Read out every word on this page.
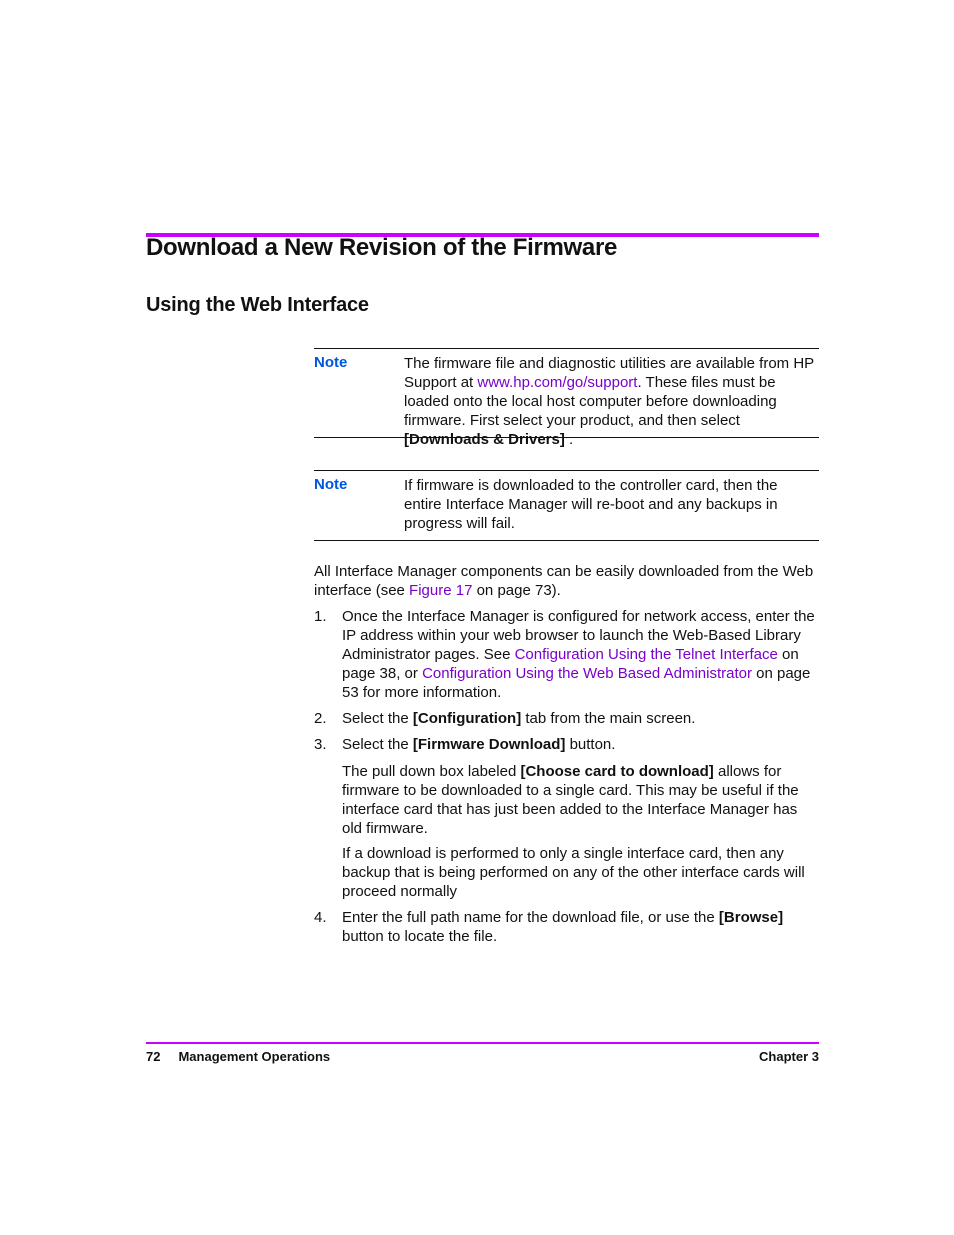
Download a New Revision of the Firmware
Using the Web Interface
Note	The firmware file and diagnostic utilities are available from HP Support at www.hp.com/go/support. These files must be loaded onto the local host computer before downloading firmware. First select your product, and then select [Downloads & Drivers] .
Note	If firmware is downloaded to the controller card, then the entire Interface Manager will re-boot and any backups in progress will fail.
All Interface Manager components can be easily downloaded from the Web interface (see Figure 17 on page 73).
1.	Once the Interface Manager is configured for network access, enter the IP address within your web browser to launch the Web-Based Library Administrator pages. See Configuration Using the Telnet Interface on page 38, or Configuration Using the Web Based Administrator on page 53 for more information.
2.	Select the [Configuration] tab from the main screen.
3.	Select the [Firmware Download] button.
The pull down box labeled [Choose card to download] allows for firmware to be downloaded to a single card. This may be useful if the interface card that has just been added to the Interface Manager has old firmware.
If a download is performed to only a single interface card, then any backup that is being performed on any of the other interface cards will proceed normally
4.	Enter the full path name for the download file, or use the [Browse] button to locate the file.
72 Management Operations	Chapter 3
